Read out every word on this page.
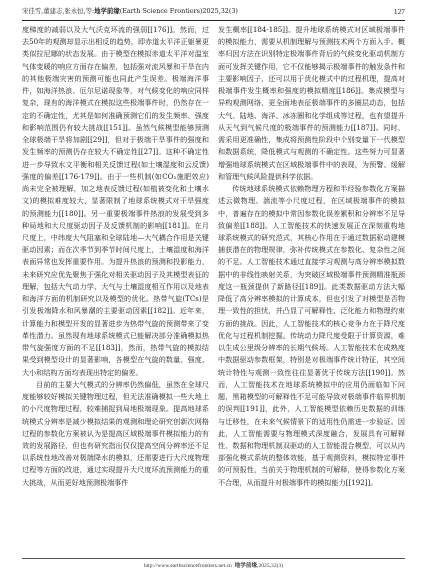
宋佳雪,董建志,张永恒,等:地学前缘(Earth Science Frontiers)2025,32(3)	127

度梯度的减弱以及大气沃克环流的强弱[[176]]。然而，过去50年的观测却显示出相反的趋势，即赤道太平洋正躯暑更类似拉尼娜的状态发展。由于模型在模拟赤道太平洋对温室气体变暖的响应方面存在偏差，包括强对流风暴和干旱在内的其他极端灾害的预测可能也同此产生误差。极端海洋事件，如海洋热浪、厄尔尼诺现象等，对气候变化的响应同样复杂，现有的海洋模式在模拟这些极端事件时，仍然存在一定的不确定性，尤其是如何准确预测它们的发生频率、强度和影响范围仍有较大挑战[[151]]。虽然气候模型能够预测全球极端干旱将加剧[[29]]，但对于极端干旱事件的强度和发生频率的预测仍存在较大不确定性[[27]]。这种不确定性进一步导致水文平衡和相关反馈过程(如土壤湿度和云反馈)强度的偏差[[176-179]]。由于一些机制(如CO₂施肥效应)尚未完全被理解，加之地表反馈过程(如植被变化和土壤水文)的模拟难度较大，显著限制了地球系统模式对干旱强度的预测能力[[180]]。另一重要极端事件热浪的发展受到多种局地和大尺度驱动因子及反馈机制的影响[[181]]。在月尺度上，中纬度大气阻塞和全球陆地—大气耦合作用是关键驱动因素；而在次季节到季节时间尺度上，土壤湿度和海洋表面异常也发挥重要作用。为提升热浪的预测和投影能力，未来研究应优先聚焦于强化对相关驱动因子及其模型表征的理解，包括大气动力学、大气与土壤湿度相互作用以及地表和海洋方面的机制研究以及模型的优化。热带气旋(TCs)是引发极端降水和风暴潮的主要驱动因素[[182]]。近年来，计算能力和模型开发的显著进步为热带气旋的预测带来了变革性潜力。虽然现有地球系统模式已能解决部分准确模拟热带气旋强度方面的不足[[183]]，然而，热带气旋的模拟结果受到模型设计的显著影响，各模型在气旋的数量、强度、大小和结构方面均表现出特定的偏差。

目前的主要大气模式的分辨率仍然偏低，虽然在全球尺度能够较好模拟关键物理过程，但无法准确模拟一些大地上的小尺度物理过程，较难捕捉到局地极端现象。提高地球系统模式分辨率是减少模拟结果的观测和理论研究创新次网格过程的参数化方案被认为是提高区域极端事件模拟能力的有效的发展路径，但也有研究指出仅仅提高空间分辨率还不足以系统性地改善对极端降水的模拟，还需要进行大尺度物理过程等方面的改进，通过实现提升大尺度环流预测能力的重大挑战，从而更好地预测极端事件

发生概率[[184-185]]。提升地球系统模式对区域极端事件的模拟能力，需要从机制理解与预测技术两个方面入手。概率归因方法在识别特定极端事件背后的气候变化驱动机制方面可发挥关键作用，它不仅能够揭示极端事件的触发条件和主要影响因子，还可以用于优化模式中的过程机理，提高对极端事件发生概率和强度的模拟精度[[186]]。集成模型与异构观测网络，更全面地表征极端事件的多圈层动态，包括大气、陆地、海洋、冰冻圈和化学组成等过程，也有望提升从天气到气候尺度的极端事件的预测能力[[187]]。同时，需采用更准确性，集成将预测性阶段中个别变量下一代模型和数据系统，降低模式与观测的不确定性。这些努力可显著增强地球系统模式在区域极端事件中的表现，为预警、缓解和管理气候风险提供科学依据。

传统地球系统模式依赖物理方程和半经验参数化方案描述云微物理、湍流等小尺度过程，在区域极端事件的模拟中，普遍存在的模拟中常因参数化误差累积和分辨率不足导致偏差[[188]]。人工智能技术的快速发展正在深刻重构地球系统模式的研究范式，其核心作用在于通过数据驱动建模捕获潜在的物理规律，弥补传统模式在参数化、复杂性之间的不足。人工智能技术通过直接学习观测与高分辨率模拟数据中的非线性映射关系，为突破区域极端事件预测精准瓶颈度这一瓶颈提供了新路径[[189]]。此类数据驱动方法大幅降低了高分辨率模拟的计算成本，但也引发了对模型是否物理一致性的担忧，并凸显了可解释性、泛化能力和物理约束方面的挑战。因此，人工智能技术的核心竞争力在于降尺度优化与过程机制挖掘。传统动力降尺度受限于计算资源，难以生成公里级分辨率的长期气候场。人工智能技术在成熟度中数据驱动参数框架，特别是对极端事件统计特征，其空间统计特性与观测一致性往往显著优于传统方法[[190]]。然而，人工智能技术在地球系统模拟中的应用仍面临如下问题，黑箱模型的可解释性不足可能导致对极端事件临界机制的误判[[191]]，此外，人工智能模型依赖历史数据的训练与迁移性，在未来气候情景下的适用性仍需进一步验证。因此，人工智能需要与物理模式深度融合，发展具有可解释性、数据和物理机制双驱动的人工智能混合模型，可以从内部强化模式系统的整体效能，基于观测资料，模拟特定事件的可预报性，当前关于物理机制的可解释，使得参数化方案不合理，从而提升对极端事件的模拟能力[[192]]。

http://www.earthsciencefrontiers.net.cn 地学前缘,2025,32(3)
